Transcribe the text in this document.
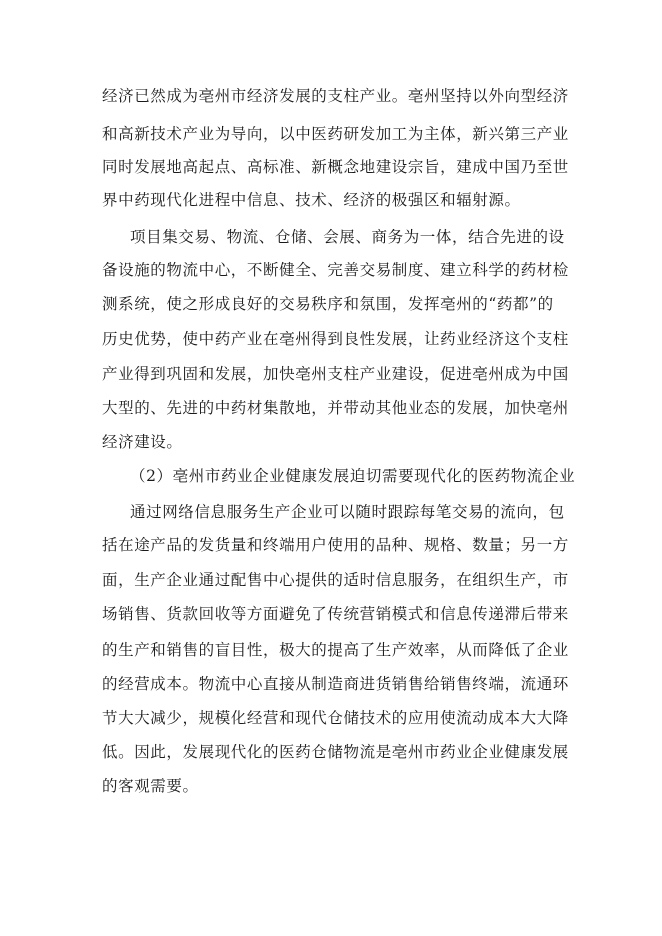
经济已然成为亳州市经济发展的支柱产业。亳州坚持以外向型经济
和高新技术产业为导向，以中医药研发加工为主体，新兴第三产业
同时发展地高起点、高标准、新概念地建设宗旨，建成中国乃至世
界中药现代化进程中信息、技术、经济的极强区和辐射源。
项目集交易、物流、仓储、会展、商务为一体，结合先进的设
备设施的物流中心，不断健全、完善交易制度、建立科学的药材检
测系统，使之形成良好的交易秩序和氛围，发挥亳州的“药都”的
历史优势，使中药产业在亳州得到良性发展，让药业经济这个支柱
产业得到巩固和发展，加快亳州支柱产业建设，促进亳州成为中国
大型的、先进的中药材集散地，并带动其他业态的发展，加快亳州
经济建设。
（2）亳州市药业企业健康发展迫切需要现代化的医药物流企业
通过网络信息服务生产企业可以随时跟踪每笔交易的流向，包
括在途产品的发货量和终端用户使用的品种、规格、数量；另一方
面，生产企业通过配售中心提供的适时信息服务，在组织生产，市
场销售、货款回收等方面避免了传统营销模式和信息传递滞后带来
的生产和销售的盲目性，极大的提高了生产效率，从而降低了企业
的经营成本。物流中心直接从制造商进货销售给销售终端，流通环
节大大减少，规模化经营和现代仓储技术的应用使流动成本大大降
低。因此，发展现代化的医药仓储物流是亳州市药业企业健康发展
的客观需要。
